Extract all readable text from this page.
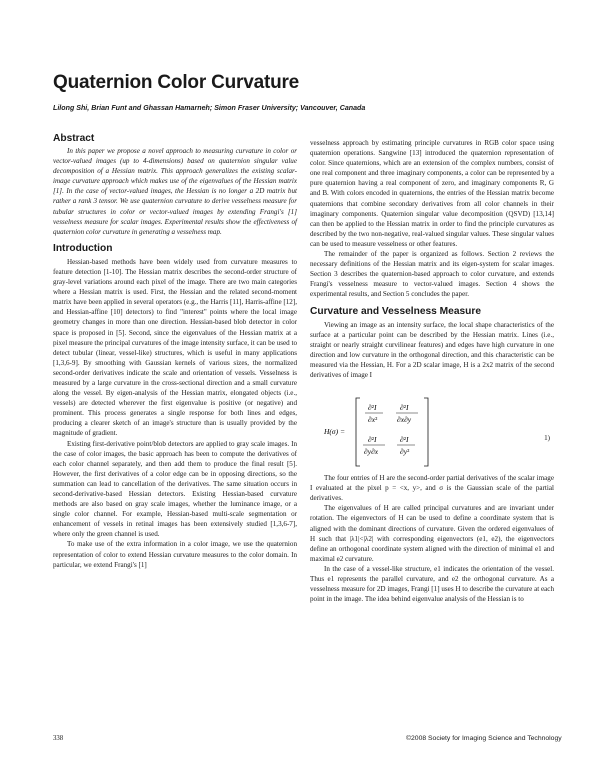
Quaternion Color Curvature

Lilong Shi, Brian Funt and Ghassan Hamarneh; Simon Fraser University; Vancouver, Canada

Abstract

In this paper we propose a novel approach to measuring curvature in color or vector-valued images (up to 4-dimensions) based on quaternion singular value decomposition of a Hessian matrix. This approach generalizes the existing scalar-image curvature approach which makes use of the eigenvalues of the Hessian matrix [1]. In the case of vector-valued images, the Hessian is no longer a 2D matrix but rather a rank 3 tensor. We use quaternion curvature to derive vesselness measure for tubular structures in color or vector-valued images by extending Frangi's [1] vesselness measure for scalar images. Experimental results show the effectiveness of quaternion color curvature in generating a vesselness map.

Introduction

Hessian-based methods have been widely used from curvature measures to feature detection [1-10]. The Hessian matrix describes the second-order structure of gray-level variations around each pixel of the image. There are two main categories where a Hessian matrix is used. First, the Hessian and the related second-moment matrix have been applied in several operators (e.g., the Harris [11], Harris-affine [12], and Hessian-affine [10] detectors) to find "interest" points where the local image geometry changes in more than one direction. Hessian-based blob detector in color space is proposed in [5]. Second, since the eigenvalues of the Hessian matrix at a pixel measure the principal curvatures of the image intensity surface, it can be used to detect tubular (linear, vessel-like) structures, which is useful in many applications [1,3,6-9]. By smoothing with Gaussian kernels of various sizes, the normalized second-order derivatives indicate the scale and orientation of vessels. Vesselness is measured by a large curvature in the cross-sectional direction and a small curvature along the vessel. By eigen-analysis of the Hessian matrix, elongated objects (i.e., vessels) are detected wherever the first eigenvalue is positive (or negative) and prominent. This process generates a single response for both lines and edges, producing a clearer sketch of an image's structure than is usually provided by the magnitude of gradient.

Existing first-derivative point/blob detectors are applied to gray scale images. In the case of color images, the basic approach has been to compute the derivatives of each color channel separately, and then add them to produce the final result [5]. However, the first derivatives of a color edge can be in opposing directions, so the summation can lead to cancellation of the derivatives. The same situation occurs in second-derivative-based Hessian detectors. Existing Hessian-based curvature methods are also based on gray scale images, whether the luminance image, or a single color channel. For example, Hessian-based multi-scale segmentation or enhancement of vessels in retinal images has been extensively studied [1,3,6-7], where only the green channel is used.

To make use of the extra information in a color image, we use the quaternion representation of color to extend Hessian curvature measures to the color domain. In particular, we extend Frangi's [1]

vesselness approach by estimating principle curvatures in RGB color space using quaternion operations. Sangwine [13] introduced the quaternion representation of color. Since quaternions, which are an extension of the complex numbers, consist of one real component and three imaginary components, a color can be represented by a pure quaternion having a real component of zero, and imaginary components R, G and B. With colors encoded in quaternions, the entries of the Hessian matrix become quaternions that combine secondary derivatives from all color channels in their imaginary components. Quaternion singular value decomposition (QSVD) [13,14] can then be applied to the Hessian matrix in order to find the principle curvatures as described by the two non-negative, real-valued singular values. These singular values can be used to measure vesselness or other features.

The remainder of the paper is organized as follows. Section 2 reviews the necessary definitions of the Hessian matrix and its eigen-system for scalar images. Section 3 describes the quaternion-based approach to color curvature, and extends Frangi's vesselness measure to vector-valued images. Section 4 shows the experimental results, and Section 5 concludes the paper.

Curvature and Vesselness Measure

Viewing an image as an intensity surface, the local shape characteristics of the surface at a particular point can be described by the Hessian matrix. Lines (i.e., straight or nearly straight curvilinear features) and edges have high curvature in one direction and low curvature in the orthogonal direction, and this characteristic can be measured via the Hessian, H. For a 2D scalar image, H is a 2x2 matrix of the second derivatives of image I

H(σ) =
∂²I
∂x²
∂²I
∂x∂y
∂²I
∂y∂x
∂²I
∂y²
1)

The four entries of H are the second-order partial derivatives of the scalar image I evaluated at the pixel p = <x, y>, and σ is the Gaussian scale of the partial derivatives.

The eigenvalues of H are called principal curvatures and are invariant under rotation. The eigenvectors of H can be used to define a coordinate system that is aligned with the dominant directions of curvature. Given the ordered eigenvalues of H such that |λ1|<|λ2| with corresponding eigenvectors (e1, e2), the eigenvectors define an orthogonal coordinate system aligned with the direction of minimal e1 and maximal e2 curvature.

In the case of a vessel-like structure, e1 indicates the orientation of the vessel. Thus e1 represents the parallel curvature, and e2 the orthogonal curvature. As a vesselness measure for 2D images, Frangi [1] uses H to describe the curvature at each point in the image. The idea behind eigenvalue analysis of the Hessian is to

338	©2008 Society for Imaging Science and Technology
